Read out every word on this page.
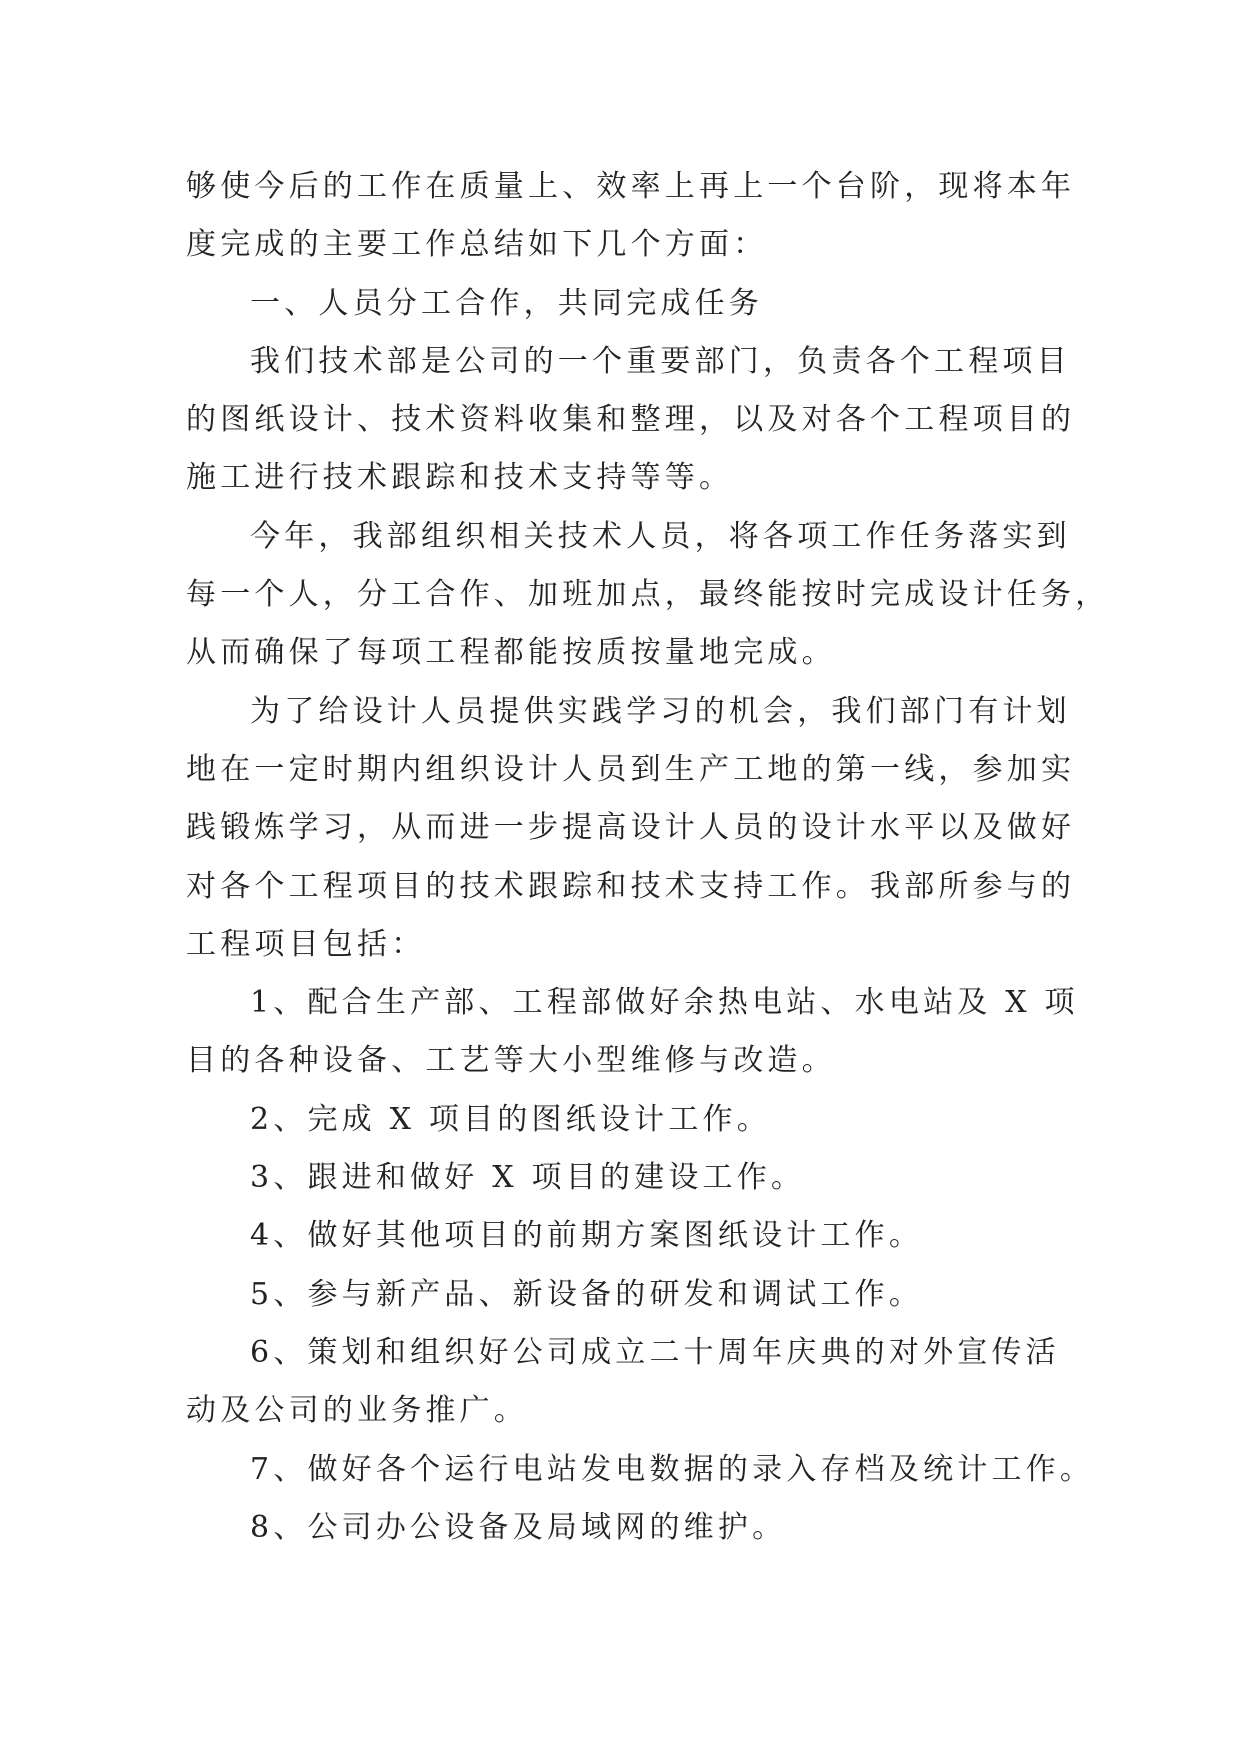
够使今后的工作在质量上、效率上再上一个台阶，现将本年
度完成的主要工作总结如下几个方面：
一、人员分工合作，共同完成任务
我们技术部是公司的一个重要部门，负责各个工程项目
的图纸设计、技术资料收集和整理，以及对各个工程项目的
施工进行技术跟踪和技术支持等等。
今年，我部组织相关技术人员，将各项工作任务落实到
每一个人，分工合作、加班加点，最终能按时完成设计任务，
从而确保了每项工程都能按质按量地完成。
为了给设计人员提供实践学习的机会，我们部门有计划
地在一定时期内组织设计人员到生产工地的第一线，参加实
践锻炼学习，从而进一步提高设计人员的设计水平以及做好
对各个工程项目的技术跟踪和技术支持工作。我部所参与的
工程项目包括：
1、配合生产部、工程部做好余热电站、水电站及 X 项
目的各种设备、工艺等大小型维修与改造。
2、完成 X 项目的图纸设计工作。
3、跟进和做好 X 项目的建设工作。
4、做好其他项目的前期方案图纸设计工作。
5、参与新产品、新设备的研发和调试工作。
6、策划和组织好公司成立二十周年庆典的对外宣传活
动及公司的业务推广。
7、做好各个运行电站发电数据的录入存档及统计工作。
8、公司办公设备及局域网的维护。
